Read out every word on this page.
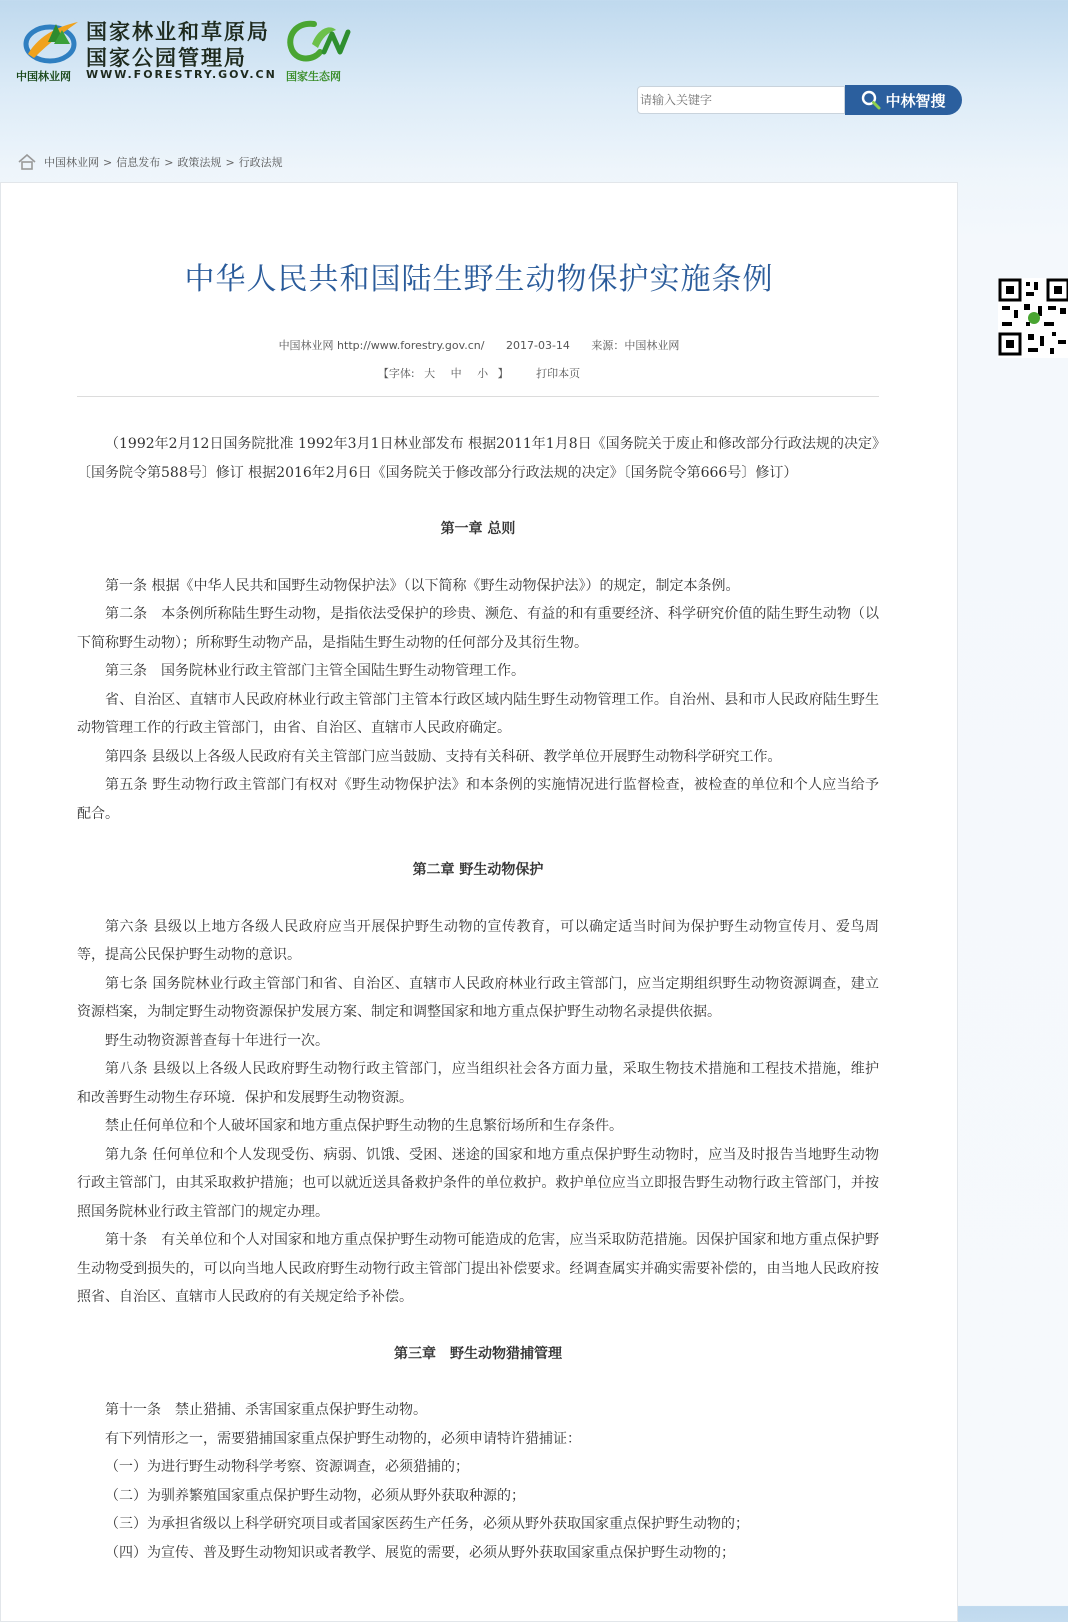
中国林业网
国家林业和草原局
国家公园管理局
WWW.FORESTRY.GOV.CN 国家生态网
请输入关键字
中林智搜
中国林业网 > 信息发布 > 政策法规 > 行政法规
中华人民共和国陆生野生动物保护实施条例
中国林业网 http://www.forestry.gov.cn/ 2017-03-14 来源：中国林业网
【字体: 大 中 小 】	打印本页

（1992年2月12日国务院批准 1992年3月1日林业部发布 根据2011年1月8日《国务院关于废止和修改部分行政法规的决定》〔国务院令第588号〕修订 根据2016年2月6日《国务院关于修改部分行政法规的决定》〔国务院令第666号〕修订）

第一章 总则

第一条 根据《中华人民共和国野生动物保护法》（以下简称《野生动物保护法》）的规定，制定本条例。

第二条　本条例所称陆生野生动物，是指依法受保护的珍贵、濒危、有益的和有重要经济、科学研究价值的陆生野生动物（以下简称野生动物）；所称野生动物产品，是指陆生野生动物的任何部分及其衍生物。

第三条　国务院林业行政主管部门主管全国陆生野生动物管理工作。

省、自治区、直辖市人民政府林业行政主管部门主管本行政区域内陆生野生动物管理工作。自治州、县和市人民政府陆生野生动物管理工作的行政主管部门，由省、自治区、直辖市人民政府确定。

第四条 县级以上各级人民政府有关主管部门应当鼓励、支持有关科研、教学单位开展野生动物科学研究工作。

第五条 野生动物行政主管部门有权对《野生动物保护法》和本条例的实施情况进行监督检查，被检查的单位和个人应当给予配合。

第二章 野生动物保护

第六条 县级以上地方各级人民政府应当开展保护野生动物的宣传教育，可以确定适当时间为保护野生动物宣传月、爱鸟周等，提高公民保护野生动物的意识。

第七条 国务院林业行政主管部门和省、自治区、直辖市人民政府林业行政主管部门，应当定期组织野生动物资源调查，建立资源档案，为制定野生动物资源保护发展方案、制定和调整国家和地方重点保护野生动物名录提供依据。

野生动物资源普查每十年进行一次。

第八条 县级以上各级人民政府野生动物行政主管部门，应当组织社会各方面力量，采取生物技术措施和工程技术措施，维护和改善野生动物生存环境．保护和发展野生动物资源。

禁止任何单位和个人破坏国家和地方重点保护野生动物的生息繁衍场所和生存条件。

第九条 任何单位和个人发现受伤、病弱、饥饿、受困、迷途的国家和地方重点保护野生动物时，应当及时报告当地野生动物行政主管部门，由其采取救护措施；也可以就近送具备救护条件的单位救护。救护单位应当立即报告野生动物行政主管部门，并按照国务院林业行政主管部门的规定办理。

第十条　有关单位和个人对国家和地方重点保护野生动物可能造成的危害，应当采取防范措施。因保护国家和地方重点保护野生动物受到损失的，可以向当地人民政府野生动物行政主管部门提出补偿要求。经调查属实并确实需要补偿的，由当地人民政府按照省、自治区、直辖市人民政府的有关规定给予补偿。

第三章　野生动物猎捕管理

第十一条　禁止猎捕、杀害国家重点保护野生动物。

有下列情形之一，需要猎捕国家重点保护野生动物的，必须申请特许猎捕证：

（一）为进行野生动物科学考察、资源调查，必须猎捕的；

（二）为驯养繁殖国家重点保护野生动物，必须从野外获取种源的；

（三）为承担省级以上科学研究项目或者国家医药生产任务，必须从野外获取国家重点保护野生动物的；

（四）为宣传、普及野生动物知识或者教学、展览的需要，必须从野外获取国家重点保护野生动物的；
